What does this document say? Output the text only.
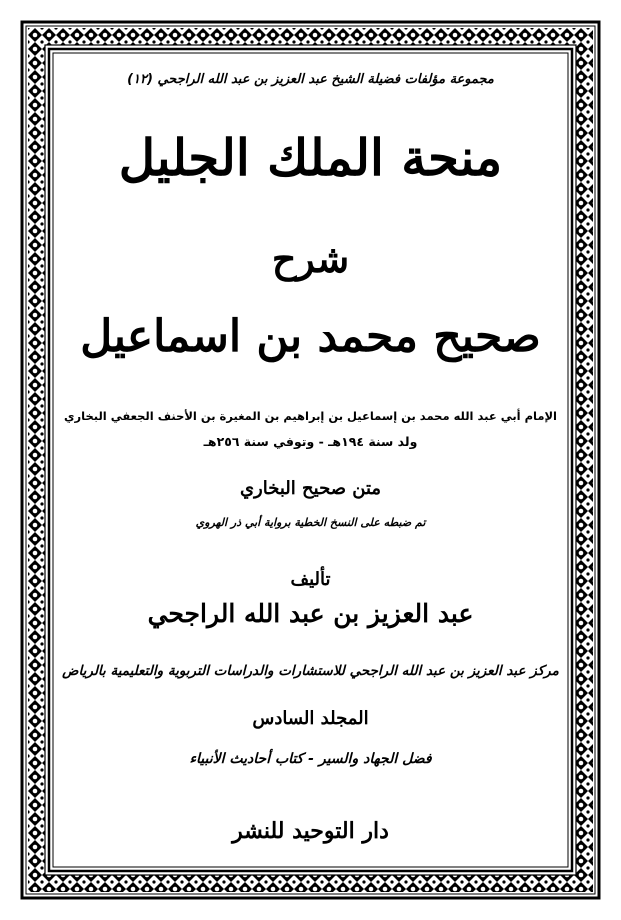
مجموعة مؤلفات فضيلة الشيخ عبد العزيز بن عبد الله الراجحي (١٢)
منحة الملك الجليل
شرح
صحيح محمد بن اسماعيل
الإمام أبي عبد الله محمد بن إسماعيل بن إبراهيم بن المغيرة بن الأحنف الجعفي البخاري
ولد سنة ١٩٤هـ - وتوفي سنة ٢٥٦هـ
متن صحيح البخاري
تم ضبطه على النسخ الخطية برواية أبي ذر الهروي
تأليف
عبد العزيز بن عبد الله الراجحي
مركز عبد العزيز بن عبد الله الراجحي للاستشارات والدراسات التربوية والتعليمية بالرياض
المجلد السادس
فضل الجهاد والسير - كتاب أحاديث الأنبياء
دار التوحيد للنشر
